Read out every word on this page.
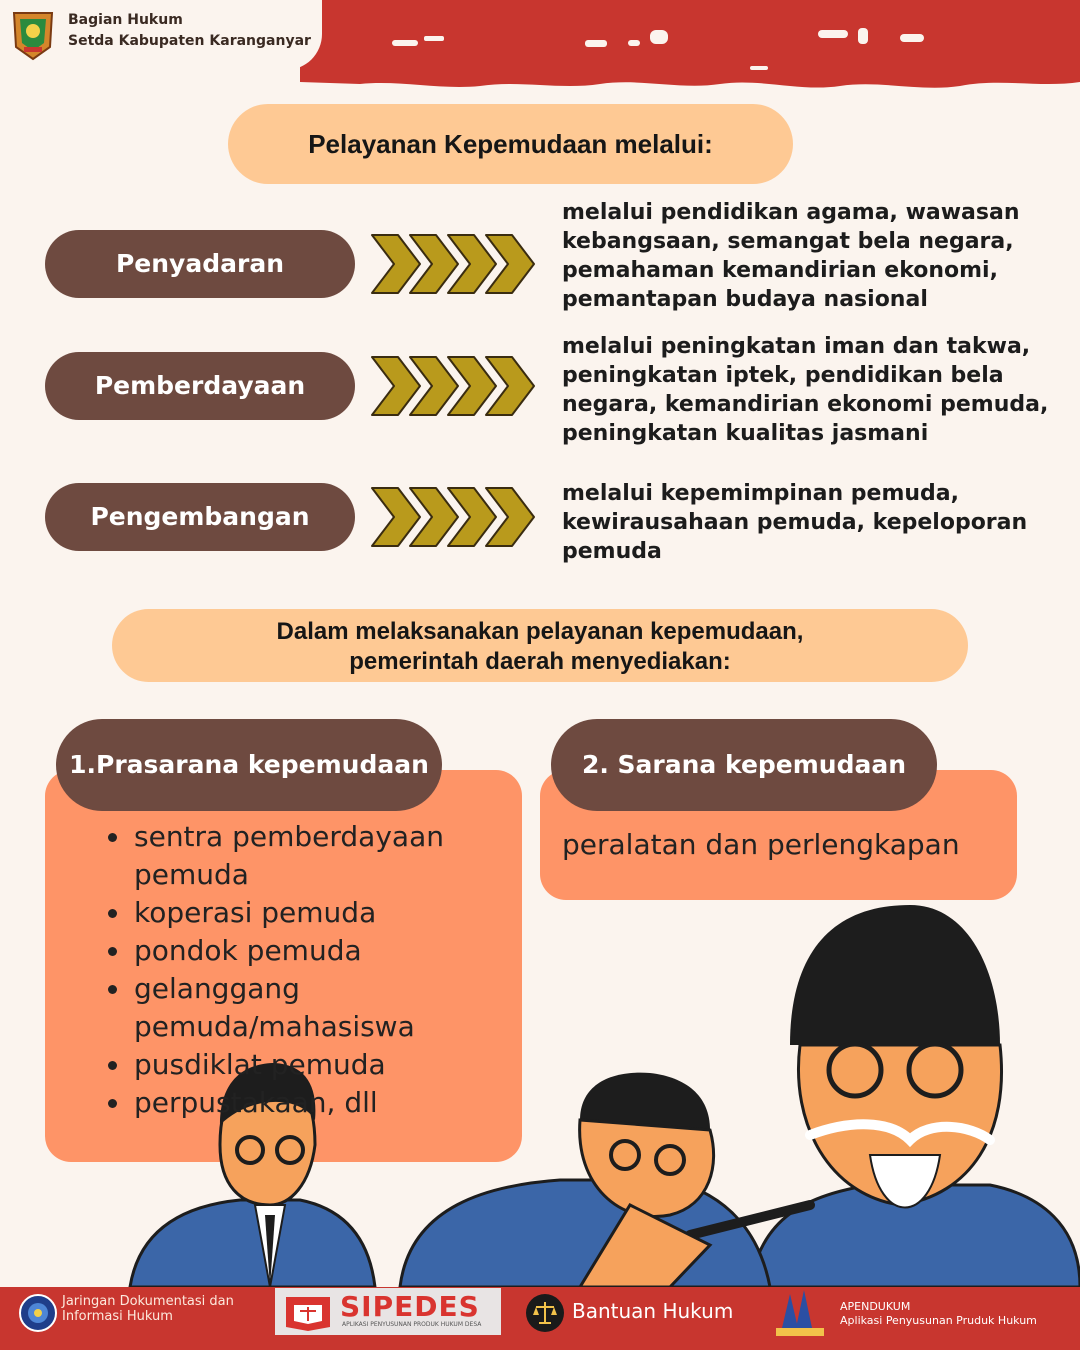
Bagian Hukum
Setda Kabupaten Karanganyar
Pelayanan Kepemudaan melalui:
Penyadaran
melalui pendidikan agama, wawasan
kebangsaan, semangat bela negara,
pemahaman kemandirian ekonomi,
pemantapan budaya nasional
Pemberdayaan
melalui peningkatan iman dan takwa,
peningkatan iptek, pendidikan bela
negara, kemandirian ekonomi pemuda,
peningkatan kualitas jasmani
Pengembangan
melalui kepemimpinan pemuda,
kewirausahaan pemuda, kepeloporan
pemuda
Dalam melaksanakan pelayanan kepemudaan,
pemerintah daerah menyediakan:
1.Prasarana kepemudaan	2. Sarana kepemudaan
• sentra pemberdayaan pemuda
• koperasi pemuda
• pondok pemuda
• gelanggang pemuda/mahasiswa
• pusdiklat pemuda
• perpustakaan, dll
peralatan dan perlengkapan
Jaringan Dokumentasi dan
Informasi Hukum	SIPEDES
APLIKASI PENYUSUNAN PRODUK HUKUM DESA
Bantuan Hukum	APENDUKUM
Aplikasi Penyusunan Pruduk Hukum
